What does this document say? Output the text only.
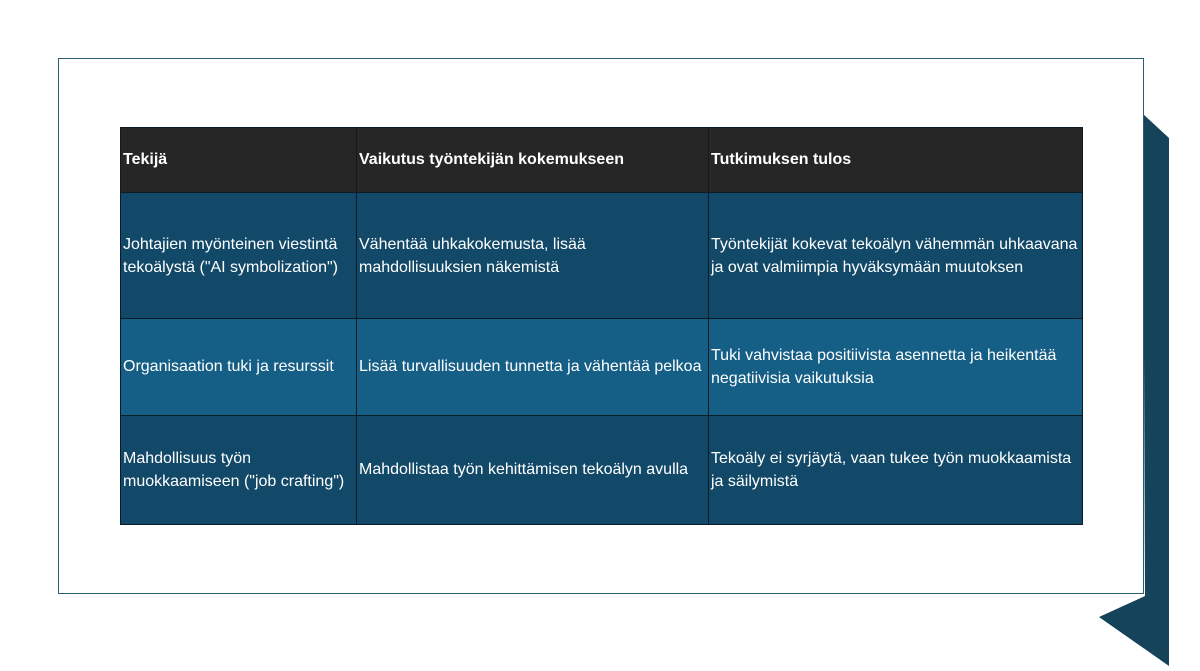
Tekijä	Vaikutus työntekijän kokemukseen	Tutkimuksen tulos
Johtajien myönteinen viestintä tekoälystä ("AI symbolization")	Vähentää uhkakokemusta, lisää mahdollisuuksien näkemistä	Työntekijät kokevat tekoälyn vähemmän uhkaavana ja ovat valmiimpia hyväksymään muutoksen
Organisaation tuki ja resurssit	Lisää turvallisuuden tunnetta ja vähentää pelkoa	Tuki vahvistaa positiivista asennetta ja heikentää negatiivisia vaikutuksia
Mahdollisuus työn muokkaamiseen ("job crafting")	Mahdollistaa työn kehittämisen tekoälyn avulla	Tekoäly ei syrjäytä, vaan tukee työn muokkaamista ja säilymistä
